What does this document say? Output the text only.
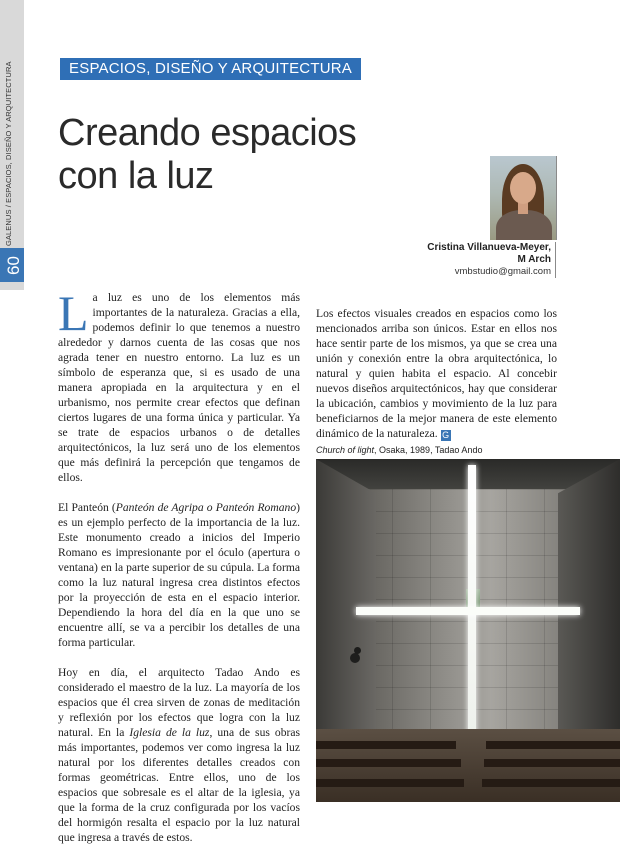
GALENUS / ESPACIOS, DISEÑO Y ARQUITECTURA
60
ESPACIOS, DISEÑO Y ARQUITECTURA
Creando espacios
con la luz
Cristina Villanueva-Meyer,
M Arch
vmbstudio@gmail.com

La luz es uno de los elementos más importantes de la naturaleza. Gracias a ella, podemos definir lo que tenemos a nuestro alrededor y darnos cuenta de las cosas que nos agrada tener en nuestro entorno. La luz es un símbolo de esperanza que, si es usado de una manera apropiada en la arquitectura y en el urbanismo, nos permite crear efectos que definan ciertos lugares de una forma única y particular. Ya se trate de espacios urbanos o de detalles arquitectónicos, la luz será uno de los elementos que más definirá la percepción que tengamos de ellos.

El Panteón (Panteón de Agripa o Panteón Romano) es un ejemplo perfecto de la importancia de la luz. Este monumento creado a inicios del Imperio Romano es impresionante por el óculo (apertura o ventana) en la parte superior de su cúpula. La forma como la luz natural ingresa crea distintos efectos por la proyección de esta en el espacio interior. Dependiendo la hora del día en la que uno se encuentre allí, se va a percibir los detalles de una forma particular.

Hoy en día, el arquitecto Tadao Ando es considerado el maestro de la luz. La mayoría de los espacios que él crea sirven de zonas de meditación y reflexión por los efectos que logra con la luz natural. En la Iglesia de la luz, una de sus obras más importantes, podemos ver como ingresa la luz natural por los diferentes detalles creados con formas geométricas. Entre ellos, uno de los espacios que sobresale es el altar de la iglesia, ya que la forma de la cruz configurada por los vacíos del hormigón resalta el espacio por la luz natural que ingresa a través de estos.

Los efectos visuales creados en espacios como los mencionados arriba son únicos. Estar en ellos nos hace sentir parte de los mismos, ya que se crea una unión y conexión entre la obra arquitectónica, lo natural y quien habita el espacio. Al concebir nuevos diseños arquitectónicos, hay que considerar la ubicación, cambios y movimiento de la luz para beneficiarnos de la mejor manera de este elemento dinámico de la naturaleza. G

Church of light, Osaka, 1989, Tadao Ando
